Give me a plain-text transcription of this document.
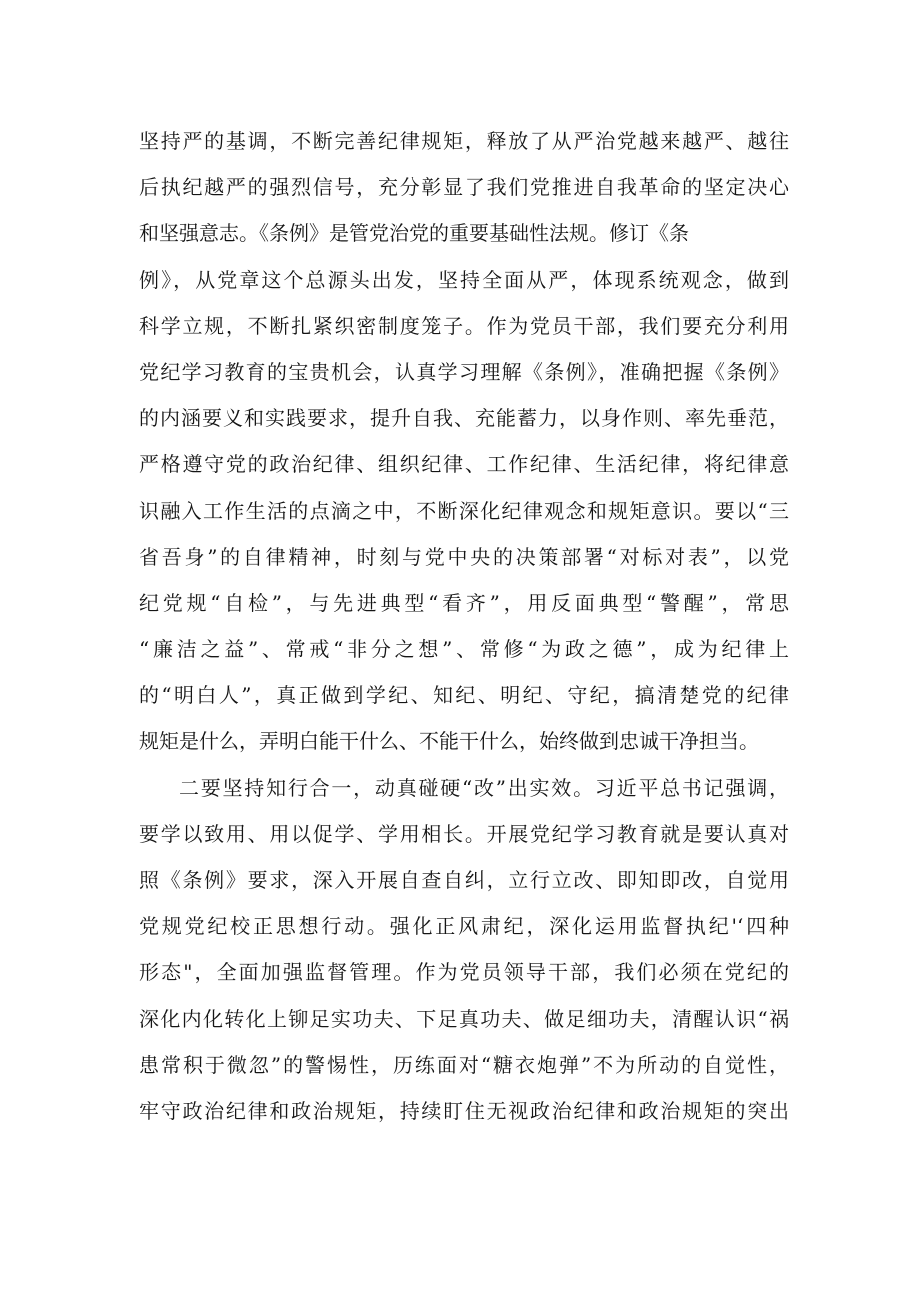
坚持严的基调，不断完善纪律规矩，释放了从严治党越来越严、越往
后执纪越严的强烈信号，充分彰显了我们党推进自我革命的坚定决心
和坚强意志。《条例》是管党治党的重要基础性法规。修订《条
例》，从党章这个总源头出发，坚持全面从严，体现系统观念，做到
科学立规，不断扎紧织密制度笼子。作为党员干部，我们要充分利用
党纪学习教育的宝贵机会，认真学习理解《条例》，准确把握《条例》
的内涵要义和实践要求，提升自我、充能蓄力，以身作则、率先垂范，
严格遵守党的政治纪律、组织纪律、工作纪律、生活纪律，将纪律意
识融入工作生活的点滴之中，不断深化纪律观念和规矩意识。要以“三
省吾身”的自律精神，时刻与党中央的决策部署“对标对表”，以党
纪党规“自检”，与先进典型“看齐”，用反面典型“警醒”，常思
“廉洁之益”、常戒“非分之想”、常修“为政之德”，成为纪律上
的“明白人”，真正做到学纪、知纪、明纪、守纪，搞清楚党的纪律
规矩是什么，弄明白能干什么、不能干什么，始终做到忠诚干净担当。
二要坚持知行合一，动真碰硬“改”出实效。习近平总书记强调，
要学以致用、用以促学、学用相长。开展党纪学习教育就是要认真对
照《条例》要求，深入开展自查自纠，立行立改、即知即改，自觉用
党规党纪校正思想行动。强化正风肃纪，深化运用监督执纪'‘四种
形态"，全面加强监督管理。作为党员领导干部，我们必须在党纪的
深化内化转化上铆足实功夫、下足真功夫、做足细功夫，清醒认识“祸
患常积于微忽”的警惕性，历练面对“糖衣炮弹”不为所动的自觉性，
牢守政治纪律和政治规矩，持续盯住无视政治纪律和政治规矩的突出
